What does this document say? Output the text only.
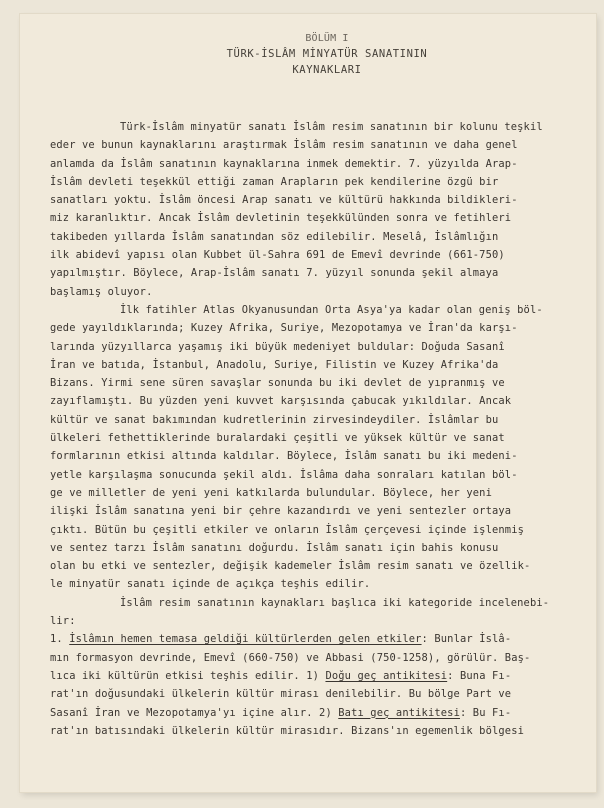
BÖLÜM I
TÜRK-İSLÂM MİNYATÜR SANATININ
KAYNAKLARI
Türk-İslâm minyatür sanatı İslâm resim sanatının bir kolunu teşkil
eder ve bunun kaynaklarını araştırmak İslâm resim sanatının ve daha genel
anlamda da İslâm sanatının kaynaklarına inmek demektir. 7. yüzyılda Arap-
İslâm devleti teşekkül ettiği zaman Arapların pek kendilerine özgü bir
sanatları yoktu. İslâm öncesi Arap sanatı ve kültürü hakkında bildikleri-
miz karanlıktır. Ancak İslâm devletinin teşekkülünden sonra ve fetihleri
takibeden yıllarda İslâm sanatından söz edilebilir. Meselâ, İslâmlığın
ilk abidevî yapısı olan Kubbet ül-Sahra 691 de Emevî devrinde (661-750)
yapılmıştır. Böylece, Arap-İslâm sanatı 7. yüzyıl sonunda şekil almaya
başlamış oluyor.
İlk fatihler Atlas Okyanusundan Orta Asya'ya kadar olan geniş böl-
gede yayıldıklarında; Kuzey Afrika, Suriye, Mezopotamya ve İran'da karşı-
larında yüzyıllarca yaşamış iki büyük medeniyet buldular: Doğuda Sasanî
İran ve batıda, İstanbul, Anadolu, Suriye, Filistin ve Kuzey Afrika'da
Bizans. Yirmi sene süren savaşlar sonunda bu iki devlet de yıpranmış ve
zayıflamıştı. Bu yüzden yeni kuvvet karşısında çabucak yıkıldılar. Ancak
kültür ve sanat bakımından kudretlerinin zirvesindeydiler. İslâmlar bu
ülkeleri fethettiklerinde buralardaki çeşitli ve yüksek kültür ve sanat
formlarının etkisi altında kaldılar. Böylece, İslâm sanatı bu iki medeni-
yetle karşılaşma sonucunda şekil aldı. İslâma daha sonraları katılan böl-
ge ve milletler de yeni yeni katkılarda bulundular. Böylece, her yeni
ilişki İslâm sanatına yeni bir çehre kazandırdı ve yeni sentezler ortaya
çıktı. Bütün bu çeşitli etkiler ve onların İslâm çerçevesi içinde işlenmiş
ve sentez tarzı İslâm sanatını doğurdu. İslâm sanatı için bahis konusu
olan bu etki ve sentezler, değişik kademeler İslâm resim sanatı ve özellik-
le minyatür sanatı içinde de açıkça teşhis edilir.
İslâm resim sanatının kaynakları başlıca iki kategoride incelenebi-
lir:
1. İslâmın hemen temasa geldiği kültürlerden gelen etkiler: Bunlar İslâ-
mın formasyon devrinde, Emevî (660-750) ve Abbasi (750-1258), görülür. Baş-
lıca iki kültürün etkisi teşhis edilir. 1) Doğu geç antikitesi: Buna Fı-
rat'ın doğusundaki ülkelerin kültür mirası denilebilir. Bu bölge Part ve
Sasanî İran ve Mezopotamya'yı içine alır. 2) Batı geç antikitesi: Bu Fı-
rat'ın batısındaki ülkelerin kültür mirasıdır. Bizans'ın egemenlik bölgesi
